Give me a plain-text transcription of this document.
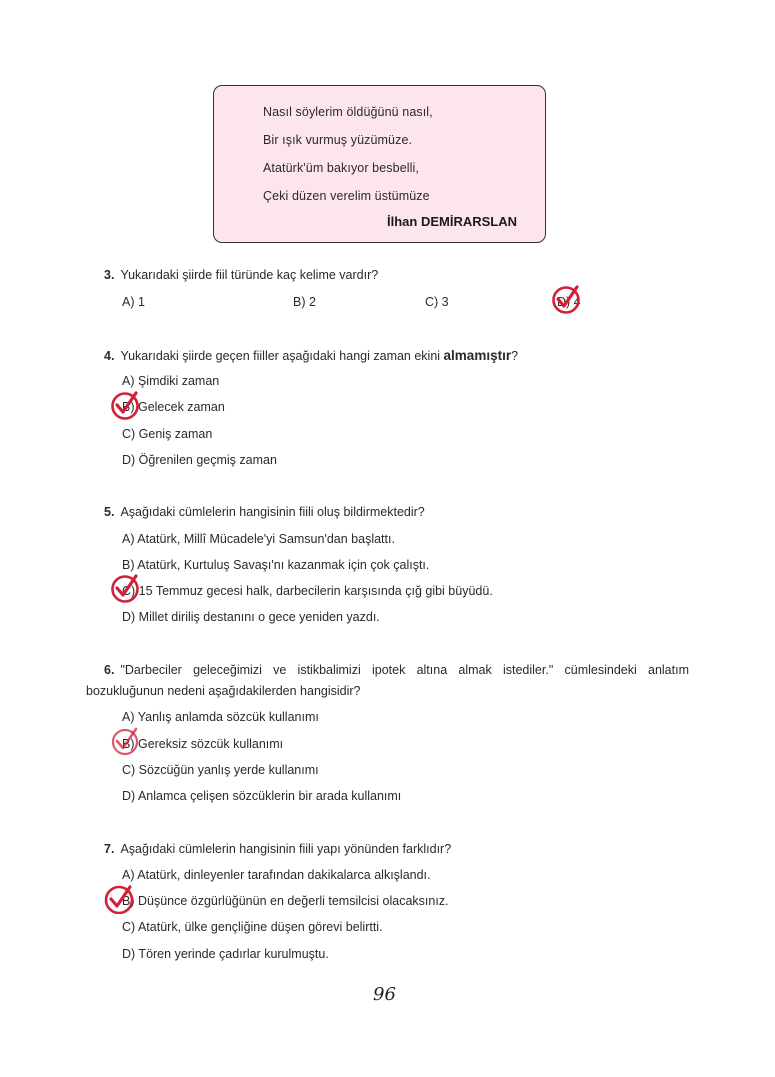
Nasıl söylerim öldüğünü nasıl,
Bir ışık vurmuş yüzümüze.
Atatürk'üm bakıyor besbelli,
Çeki düzen verelim üstümüze
İlhan DEMİRARSLAN
3. Yukarıdaki şiirde fiil türünde kaç kelime vardır?
A) 1	B) 2	C) 3	D) 4
4. Yukarıdaki şiirde geçen fiiller aşağıdaki hangi zaman ekini almamıştır?
A) Şimdiki zaman
B) Gelecek zaman
C) Geniş zaman
D) Öğrenilen geçmiş zaman
5. Aşağıdaki cümlelerin hangisinin fiili oluş bildirmektedir?
A) Atatürk, Millî Mücadele'yi Samsun'dan başlattı.
B) Atatürk, Kurtuluş Savaşı'nı kazanmak için çok çalıştı.
C) 15 Temmuz gecesi halk, darbecilerin karşısında çığ gibi büyüdü.
D) Millet diriliş destanını o gece yeniden yazdı.
6. "Darbeciler geleceğimizi ve istikbalimizi ipotek altına almak istediler." cümlesindeki anlatım
bozukluğunun nedeni aşağıdakilerden hangisidir?
A) Yanlış anlamda sözcük kullanımı
B) Gereksiz sözcük kullanımı
C) Sözcüğün yanlış yerde kullanımı
D) Anlamca çelişen sözcüklerin bir arada kullanımı
7. Aşağıdaki cümlelerin hangisinin fiili yapı yönünden farklıdır?
A) Atatürk, dinleyenler tarafından dakikalarca alkışlandı.
B) Düşünce özgürlüğünün en değerli temsilcisi olacaksınız.
C) Atatürk, ülke gençliğine düşen görevi belirtti.
D) Tören yerinde çadırlar kurulmuştu.
96
